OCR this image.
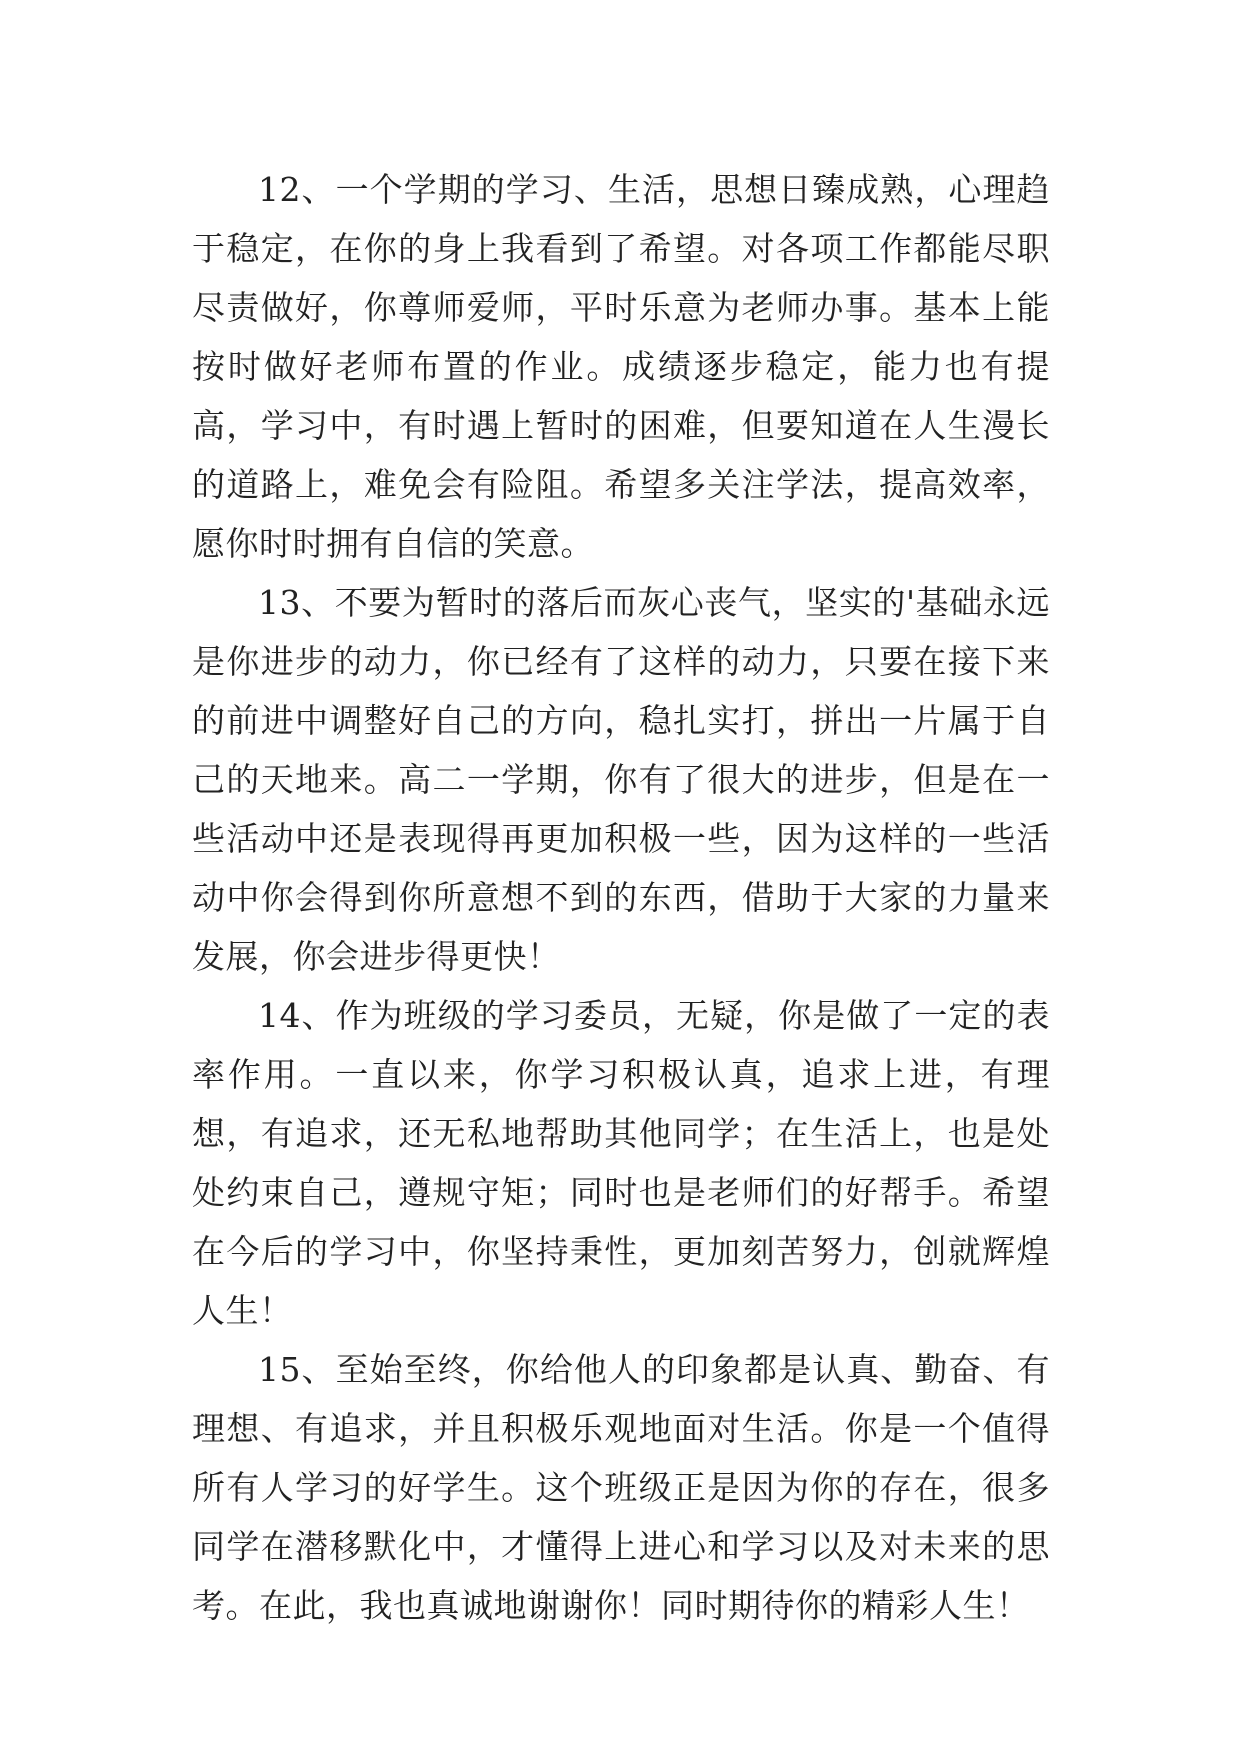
12、一个学期的学习、生活，思想日臻成熟，心理趋于稳定，在你的身上我看到了希望。对各项工作都能尽职尽责做好，你尊师爱师，平时乐意为老师办事。基本上能按时做好老师布置的作业。成绩逐步稳定，能力也有提高，学习中，有时遇上暂时的困难，但要知道在人生漫长的道路上，难免会有险阻。希望多关注学法，提高效率，愿你时时拥有自信的笑意。

13、不要为暂时的落后而灰心丧气，坚实的'基础永远是你进步的动力，你已经有了这样的动力，只要在接下来的前进中调整好自己的方向，稳扎实打，拼出一片属于自己的天地来。高二一学期，你有了很大的进步，但是在一些活动中还是表现得再更加积极一些，因为这样的一些活动中你会得到你所意想不到的东西，借助于大家的力量来发展，你会进步得更快！

14、作为班级的学习委员，无疑，你是做了一定的表率作用。一直以来，你学习积极认真，追求上进，有理想，有追求，还无私地帮助其他同学；在生活上，也是处处约束自己，遵规守矩；同时也是老师们的好帮手。希望在今后的学习中，你坚持秉性，更加刻苦努力，创就辉煌人生！

15、至始至终，你给他人的印象都是认真、勤奋、有理想、有追求，并且积极乐观地面对生活。你是一个值得所有人学习的好学生。这个班级正是因为你的存在，很多同学在潜移默化中，才懂得上进心和学习以及对未来的思考。在此，我也真诚地谢谢你！同时期待你的精彩人生！
